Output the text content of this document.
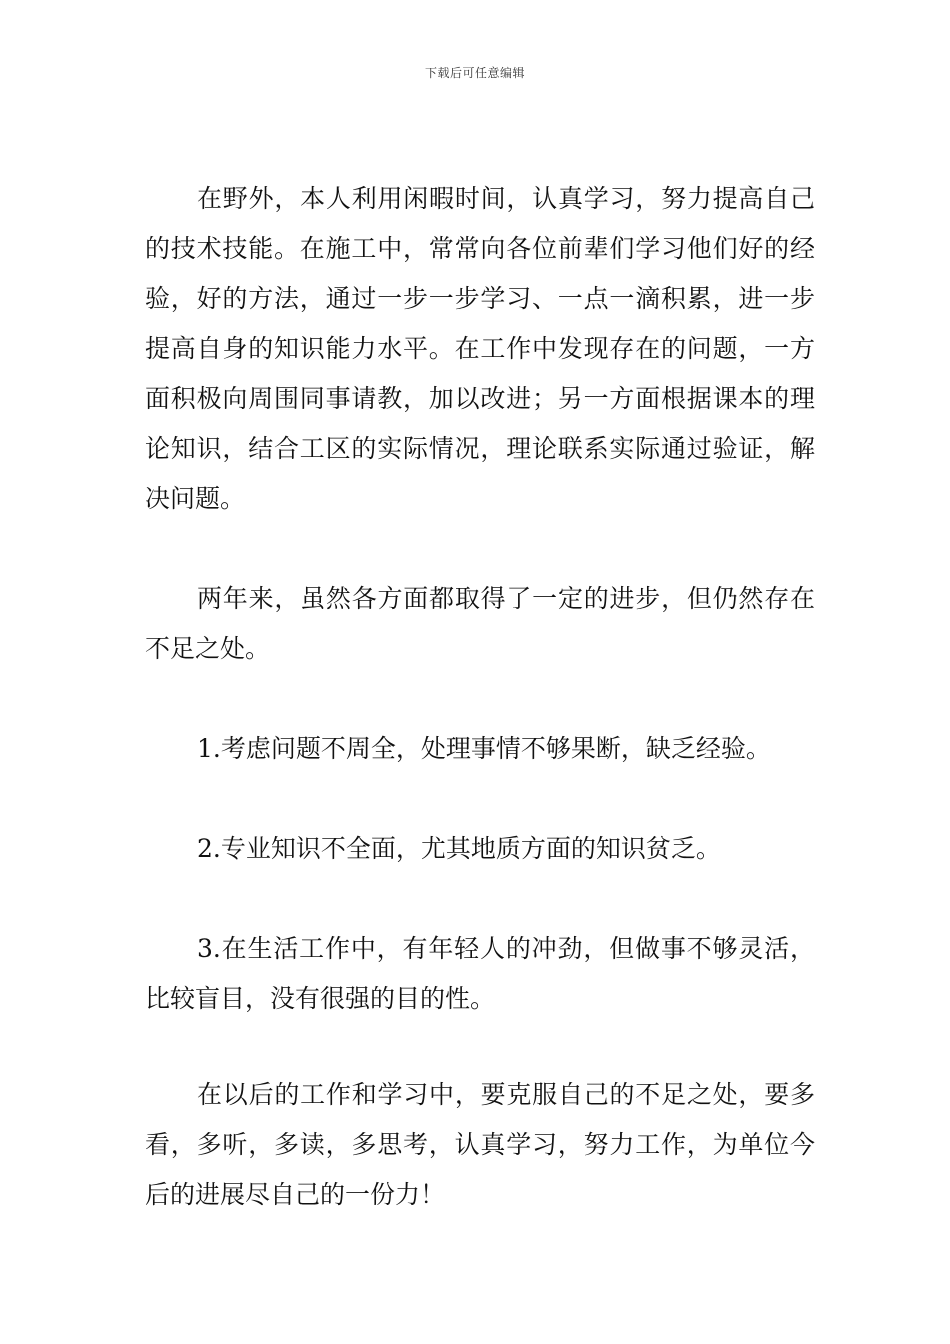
下载后可任意编辑

在野外，本人利用闲暇时间，认真学习，努力提高自己的技术技能。在施工中，常常向各位前辈们学习他们好的经验，好的方法，通过一步一步学习、一点一滴积累，进一步提高自身的知识能力水平。在工作中发现存在的问题，一方面积极向周围同事请教，加以改进；另一方面根据课本的理论知识，结合工区的实际情况，理论联系实际通过验证，解决问题。

两年来，虽然各方面都取得了一定的进步，但仍然存在不足之处。

1.考虑问题不周全，处理事情不够果断，缺乏经验。

2.专业知识不全面，尤其地质方面的知识贫乏。

3.在生活工作中，有年轻人的冲劲，但做事不够灵活，比较盲目，没有很强的目的性。

在以后的工作和学习中，要克服自己的不足之处，要多看，多听，多读，多思考，认真学习，努力工作，为单位今后的进展尽自己的一份力！
